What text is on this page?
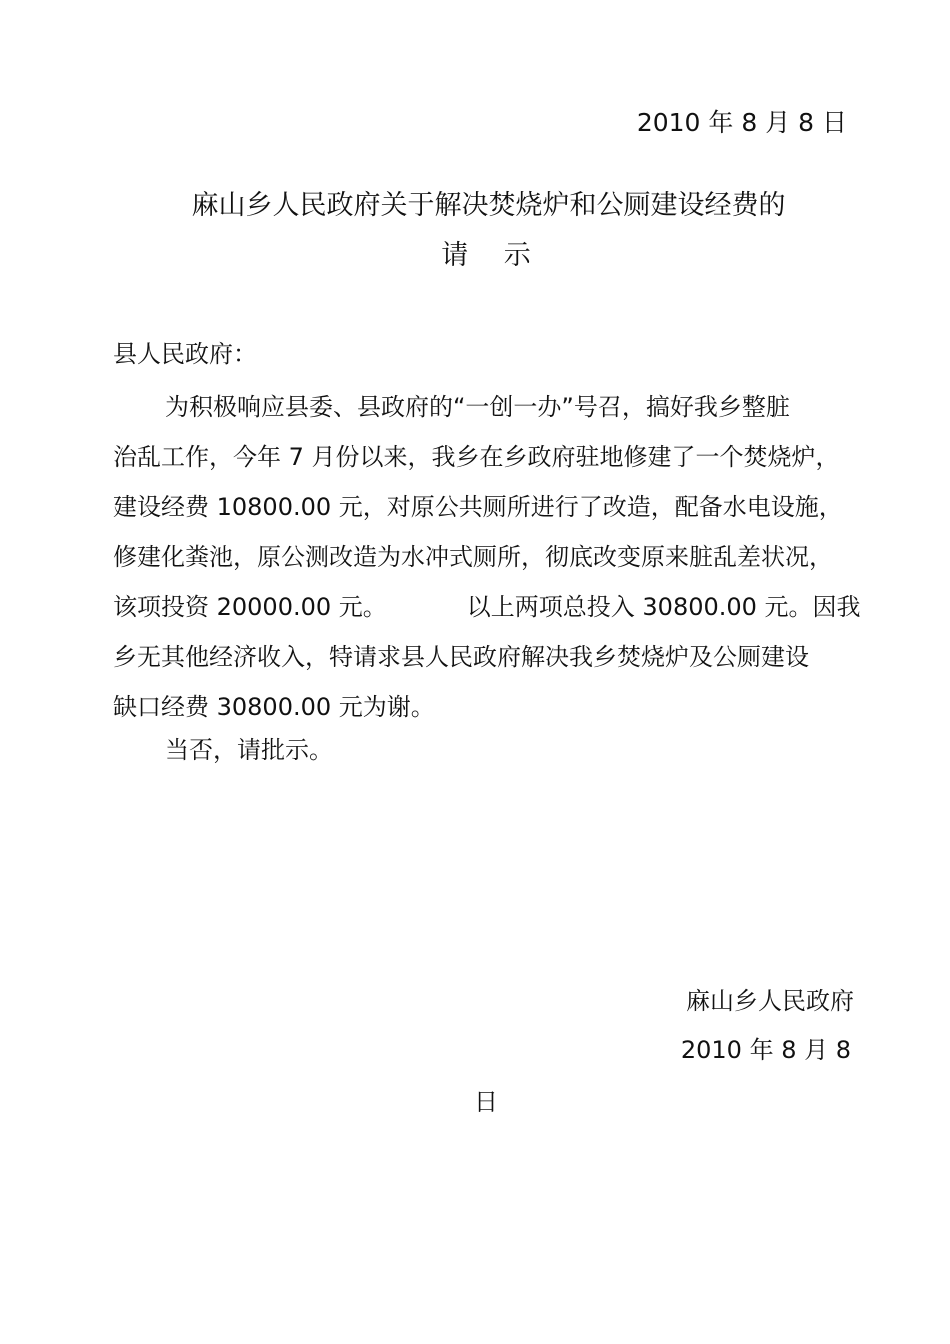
2010 年 8 月 8 日
麻山乡人民政府关于解决焚烧炉和公厕建设经费的
请　 示
县人民政府：
为积极响应县委、县政府的“一创一办”号召，搞好我乡整脏
治乱工作，今年 7 月份以来，我乡在乡政府驻地修建了一个焚烧炉，
建设经费 10800.00 元，对原公共厕所进行了改造，配备水电设施，
修建化粪池，原公测改造为水冲式厕所，彻底改变原来脏乱差状况，
该项投资 20000.00 元。	以上两项总投入 30800.00 元。因我
乡无其他经济收入，特请求县人民政府解决我乡焚烧炉及公厕建设
缺口经费 30800.00 元为谢。
当否，请批示。
麻山乡人民政府
2010 年 8 月 8
日
